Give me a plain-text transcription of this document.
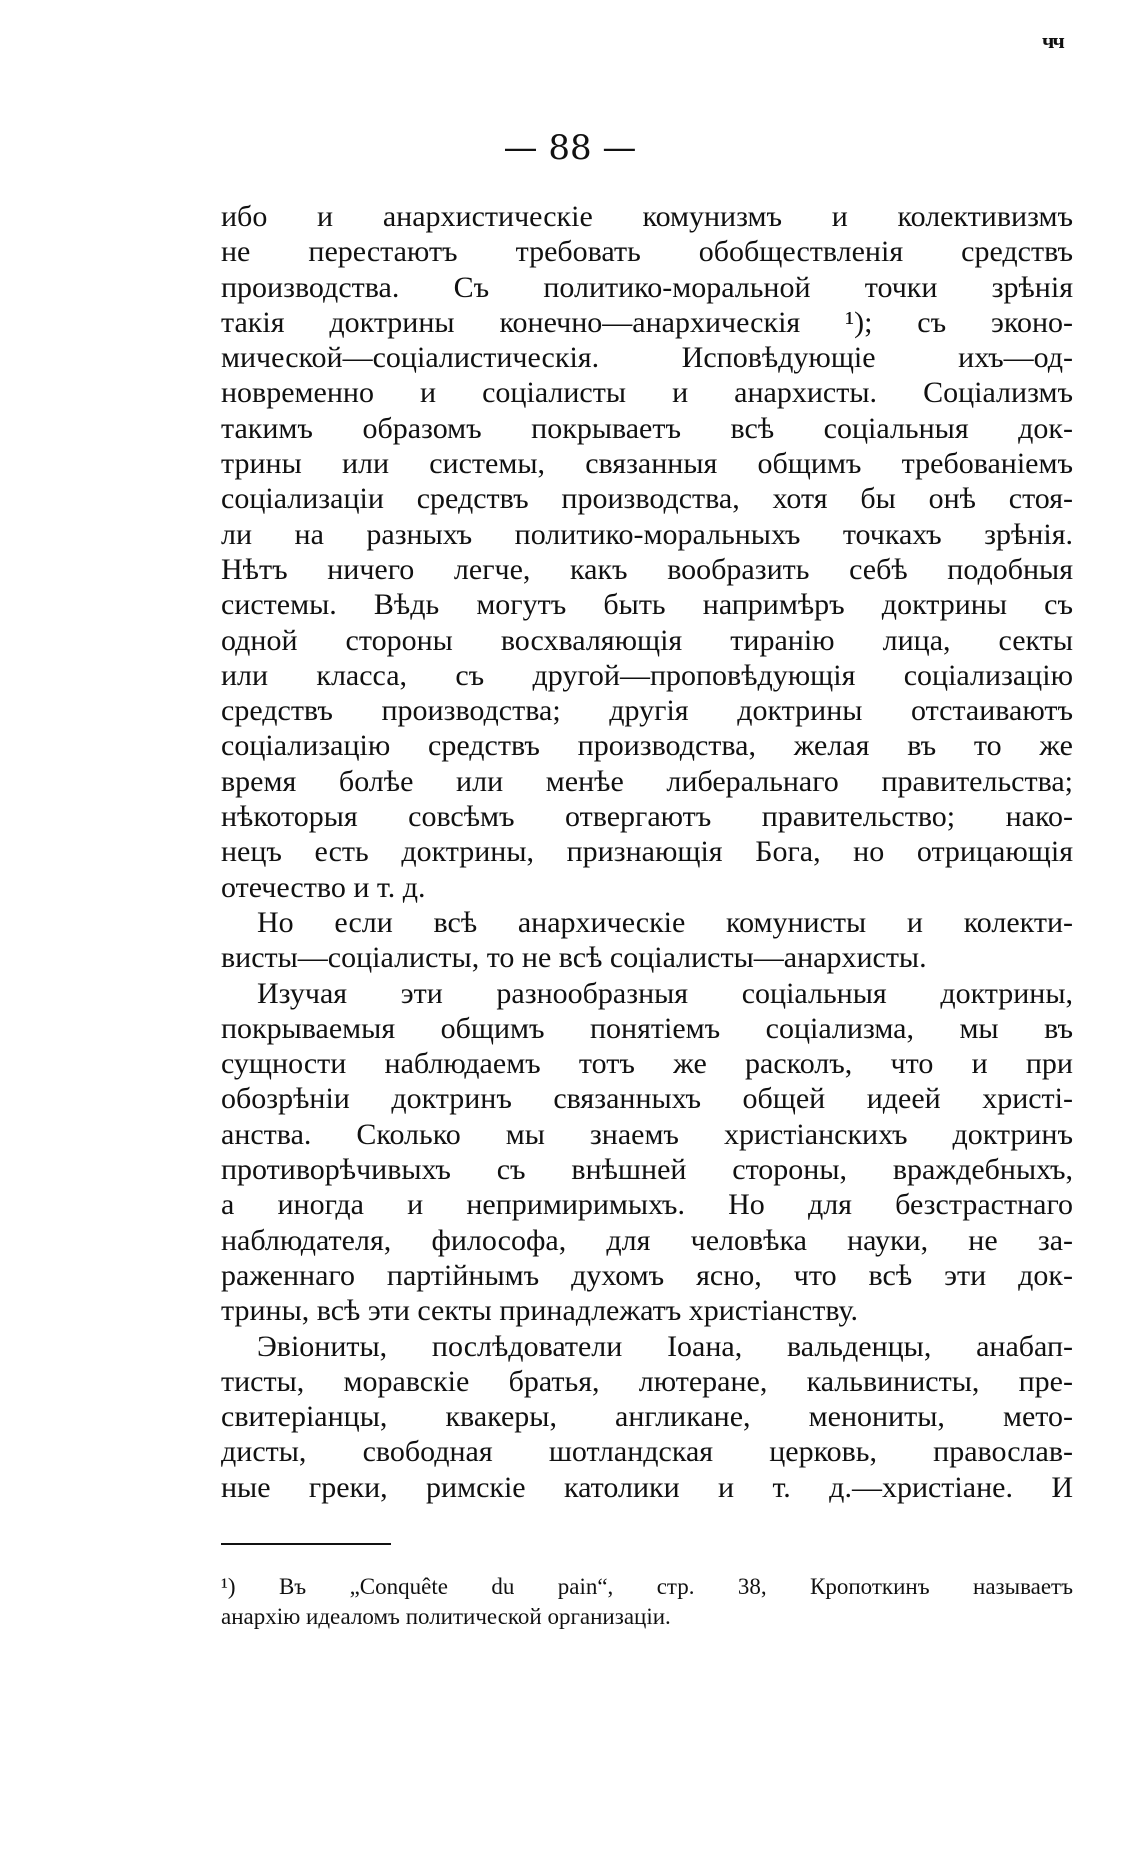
чч
— 88 —
ибо и анархистическіе комунизмъ и колективизмъ
не перестаютъ требовать обобществленія средствъ
производства. Съ политико-моральной точки зрѣнія
такія доктрины конечно—анархическія ¹); съ эконо-
мической—соціалистическія. Исповѣдующіе ихъ—од-
новременно и соціалисты и анархисты. Соціализмъ
такимъ образомъ покрываетъ всѣ соціальныя док-
трины или системы, связанныя общимъ требованіемъ
соціализаціи средствъ производства, хотя бы онѣ стоя-
ли на разныхъ политико-моральныхъ точкахъ зрѣнія.
Нѣтъ ничего легче, какъ вообразить себѣ подобныя
системы. Вѣдь могутъ быть напримѣръ доктрины съ
одной стороны восхваляющія тиранію лица, секты
или класса, съ другой—проповѣдующія соціализацію
средствъ производства; другія доктрины отстаиваютъ
соціализацію средствъ производства, желая въ то же
время болѣе или менѣе либеральнаго правительства;
нѣкоторыя совсѣмъ отвергаютъ правительство; нако-
нецъ есть доктрины, признающія Бога, но отрицающія
отечество и т. д.
Но если всѣ анархическіе комунисты и колекти-
висты—соціалисты, то не всѣ соціалисты—анархисты.
Изучая эти разнообразныя соціальныя доктрины,
покрываемыя общимъ понятіемъ соціализма, мы въ
сущности наблюдаемъ тотъ же расколъ, что и при
обозрѣніи доктринъ связанныхъ общей идеей христі-
анства. Сколько мы знаемъ христіанскихъ доктринъ
противорѣчивыхъ съ внѣшней стороны, враждебныхъ,
а иногда и непримиримыхъ. Но для безстрастнаго
наблюдателя, философа, для человѣка науки, не за-
раженнаго партійнымъ духомъ ясно, что всѣ эти док-
трины, всѣ эти секты принадлежатъ христіанству.
Эвіониты, послѣдователи Іоана, вальденцы, анабап-
тисты, моравскіе братья, лютеране, кальвинисты, пре-
свитеріанцы, квакеры, англикане, менониты, мето-
дисты, свободная шотландская церковь, православ-
ные греки, римскіе католики и т. д.—христіане. И
¹) Въ „Conquête du pain“, стр. 38, Кропоткинъ называетъ
анархію идеаломъ политической организаціи.
